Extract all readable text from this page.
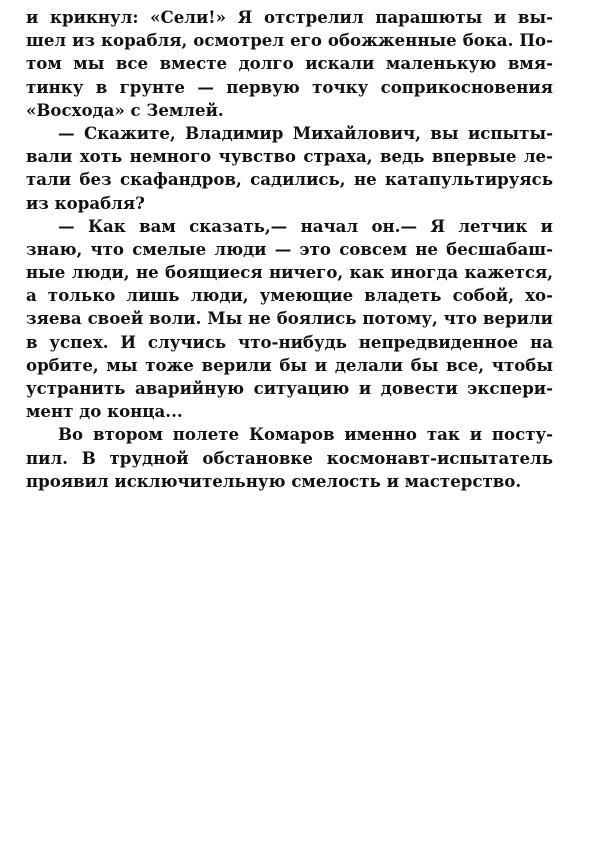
и крикнул: «Сели!» Я отстрелил парашюты и вы-
шел из корабля, осмотрел его обожженные бока. По-
том мы все вместе долго искали маленькую вмя-
тинку в грунте — первую точку соприкосновения
«Восхода» с Землей.
— Скажите, Владимир Михайлович, вы испыты-
вали хоть немного чувство страха, ведь впервые ле-
тали без скафандров, садились, не катапультируясь
из корабля?
— Как вам сказать,— начал он.— Я летчик и
знаю, что смелые люди — это совсем не бесшабаш-
ные люди, не боящиеся ничего, как иногда кажется,
а только лишь люди, умеющие владеть собой, хо-
зяева своей воли. Мы не боялись потому, что верили
в успех. И случись что-нибудь непредвиденное на
орбите, мы тоже верили бы и делали бы все, чтобы
устранить аварийную ситуацию и довести экспери-
мент до конца...
Во втором полете Комаров именно так и посту-
пил. В трудной обстановке космонавт-испытатель
проявил исключительную смелость и мастерство.
